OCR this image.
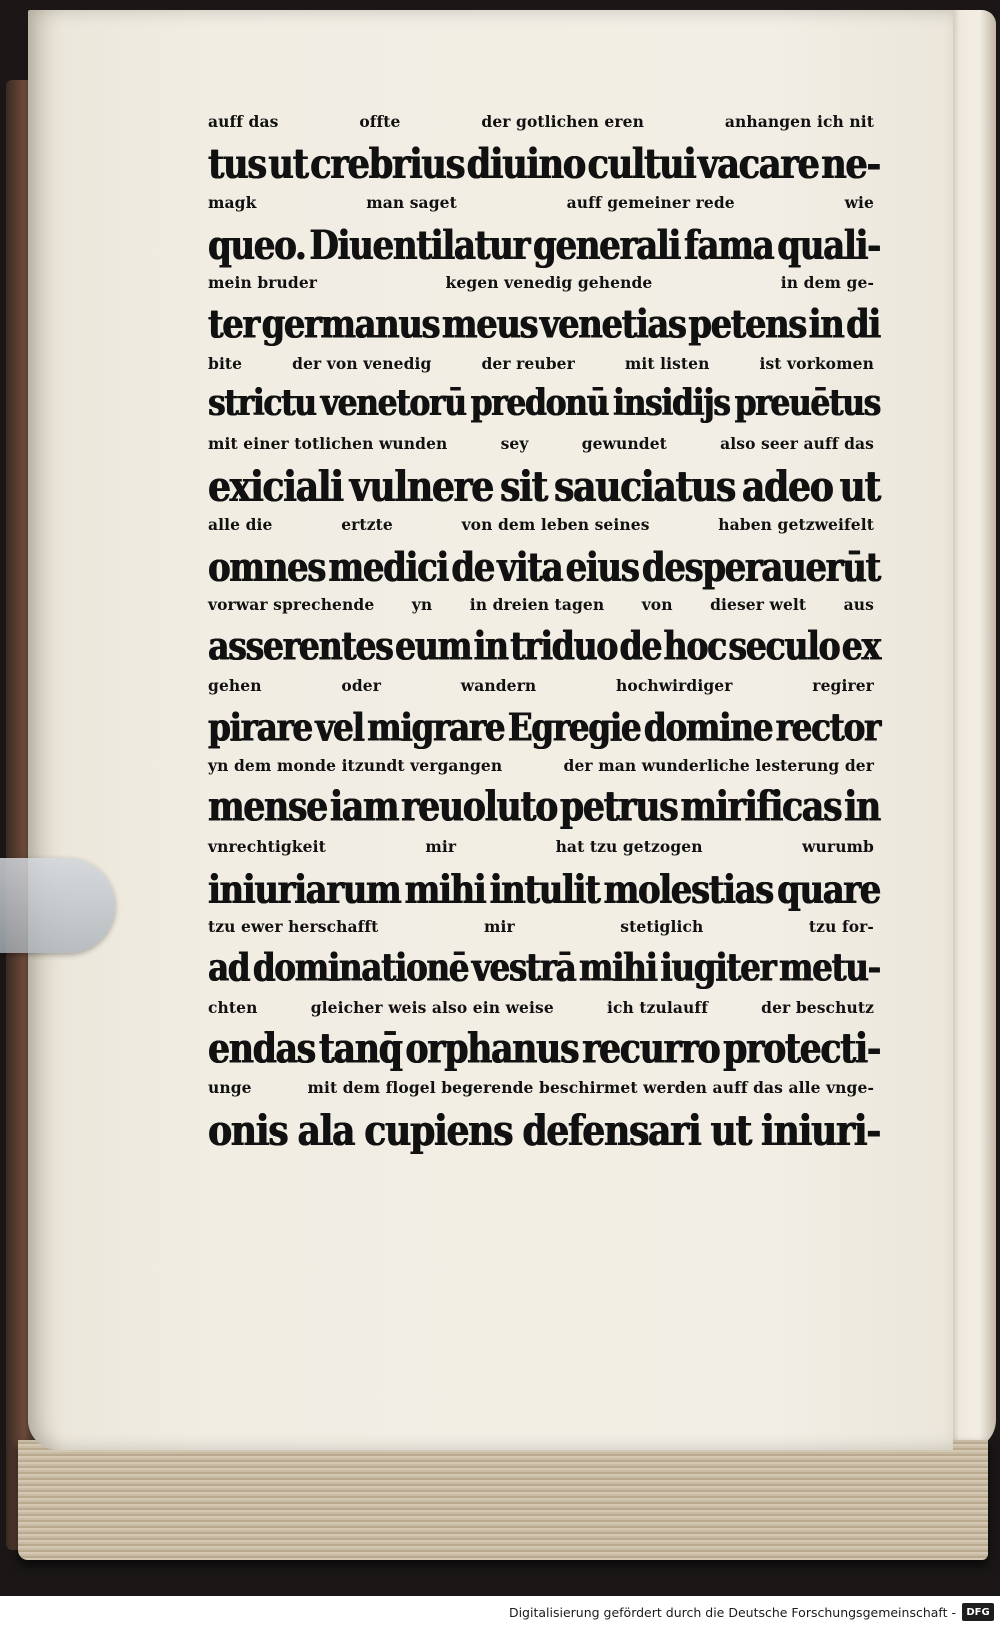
auff das	offte	der gotlichen eren	anhangen ich nit
tus ut crebrius diuino cultui vacare ne-
magk	man saget	auff gemeiner rede	wie
queo. Diuentilatur generali fama quali-
mein bruder	kegen venedig gehende	in dem ge-
ter germanus meus venetias petens in di
bite	der von venedig	der reuber	mit listen	ist vorkomen
strictu venetorū predonū insidijs preuētus
mit einer totlichen wunden	sey	gewundet	also seer auff das
exiciali vulnere sit sauciatus adeo ut
alle die	ertzte	von dem leben seines	haben getzweifelt
omnes medici de vita eius desperauerūt
vorwar sprechende yn in dreien tagen von dieser welt aus
asserentes eum in triduo de hoc seculo ex
gehen	oder	wandern	hochwirdiger	regirer
pirare vel migrare Egregie domine rector
yn dem monde itzundt vergangen	der man wunderliche lesterung der
mense iam reuoluto petrus mirificas in
vnrechtigkeit	mir	hat tzu getzogen	wurumb
iniuriarum mihi intulit molestias quare
tzu ewer herschafft	mir	stetiglich	tzu for-
ad dominationē vestrā mihi iugiter metu-
chten	gleicher weis also ein weise	ich tzulauff	der beschutz
endas tanq̄ orphanus recurro protecti-
unge	mit dem flogel begerende beschirmet werden auff das alle vnge-
onis ala cupiens defensari ut iniuri-
Digitalisierung gefördert durch die Deutsche Forschungsgemeinschaft -	DFG
